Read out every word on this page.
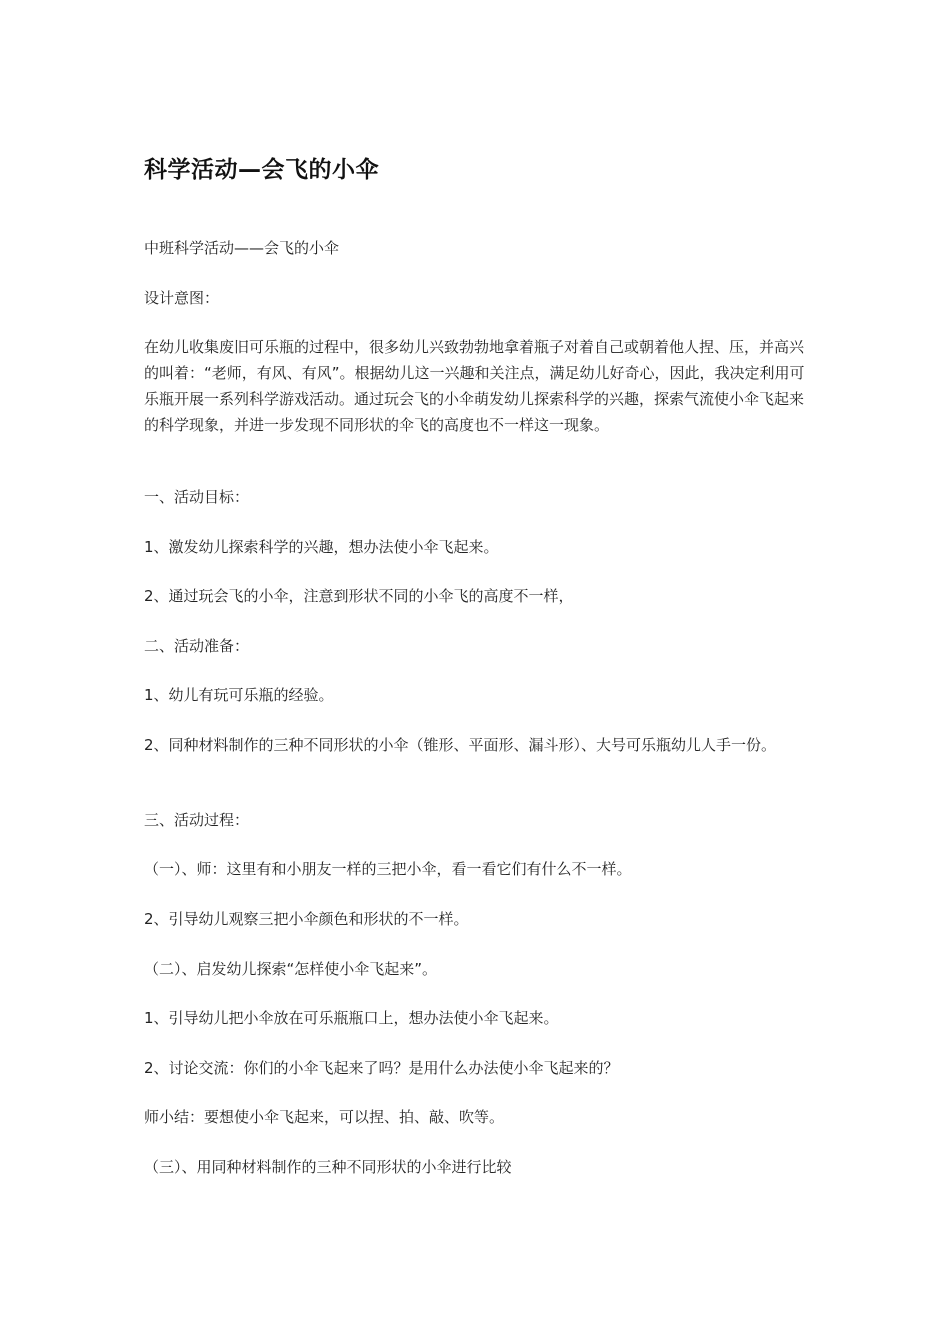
科学活动—会飞的小伞

中班科学活动——会飞的小伞

设计意图：

在幼儿收集废旧可乐瓶的过程中，很多幼儿兴致勃勃地拿着瓶子对着自己或朝着他人捏、压，并高兴的叫着：“老师，有风、有风”。根据幼儿这一兴趣和关注点，满足幼儿好奇心，因此，我决定利用可乐瓶开展一系列科学游戏活动。通过玩会飞的小伞萌发幼儿探索科学的兴趣，探索气流使小伞飞起来的科学现象，并进一步发现不同形状的伞飞的高度也不一样这一现象。

一、活动目标：

1、激发幼儿探索科学的兴趣，想办法使小伞飞起来。

2、通过玩会飞的小伞，注意到形状不同的小伞飞的高度不一样，

二、活动准备：

1、幼儿有玩可乐瓶的经验。

2、同种材料制作的三种不同形状的小伞（锥形、平面形、漏斗形）、大号可乐瓶幼儿人手一份。

三、活动过程：

（一）、师：这里有和小朋友一样的三把小伞，看一看它们有什么不一样。

2、引导幼儿观察三把小伞颜色和形状的不一样。

（二）、启发幼儿探索“怎样使小伞飞起来”。

1、引导幼儿把小伞放在可乐瓶瓶口上，想办法使小伞飞起来。

2、讨论交流：你们的小伞飞起来了吗？是用什么办法使小伞飞起来的？

师小结：要想使小伞飞起来，可以捏、拍、敲、吹等。

（三）、用同种材料制作的三种不同形状的小伞进行比较
